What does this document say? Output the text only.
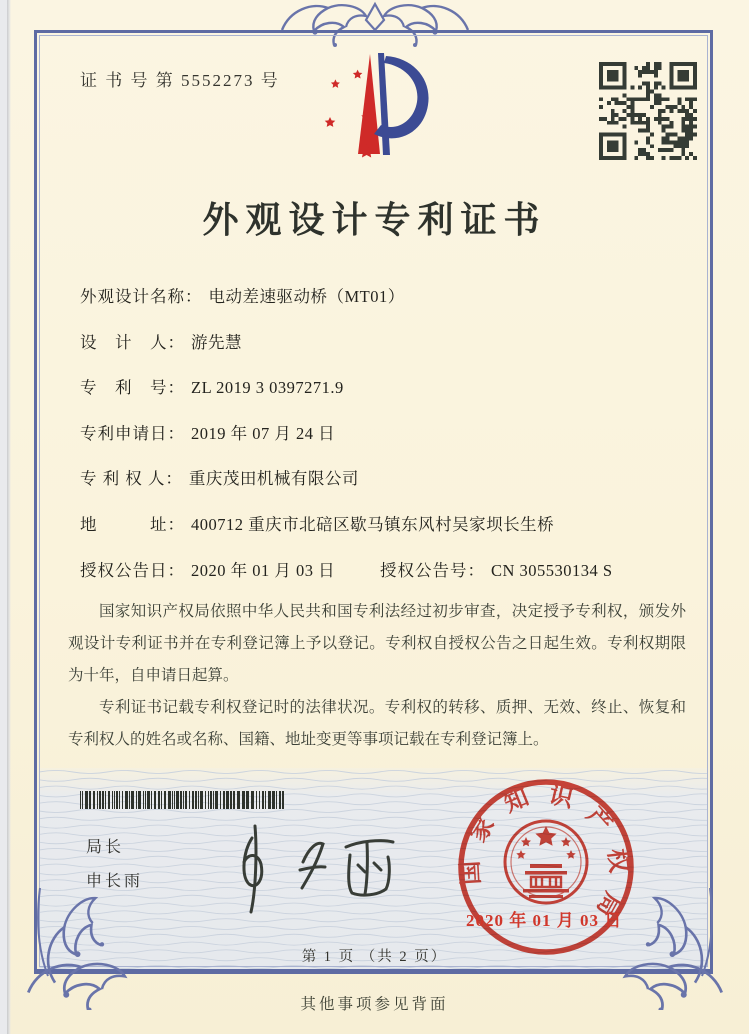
证 书 号 第 5552273 号
外观设计专利证书
外观设计名称： 电动差速驱动桥（MT01）
设　计　人： 游先慧
专　利　号： ZL 2019 3 0397271.9
专利申请日： 2019 年 07 月 24 日
专 利 权 人： 重庆茂田机械有限公司
地　　　址： 400712 重庆市北碚区歇马镇东风村吴家坝长生桥
授权公告日： 2020 年 01 月 03 日	授权公告号： CN 305530134 S

国家知识产权局依照中华人民共和国专利法经过初步审查，决定授予专利权，颁发外观设计专利证书并在专利登记簿上予以登记。专利权自授权公告之日起生效。专利权期限为十年，自申请日起算。

专利证书记载专利权登记时的法律状况。专利权的转移、质押、无效、终止、恢复和专利权人的姓名或名称、国籍、地址变更等事项记载在专利登记簿上。

局长
申长雨	国家知识产权局
2020 年 01 月 03 日
第 1 页 （共 2 页）
其他事项参见背面
